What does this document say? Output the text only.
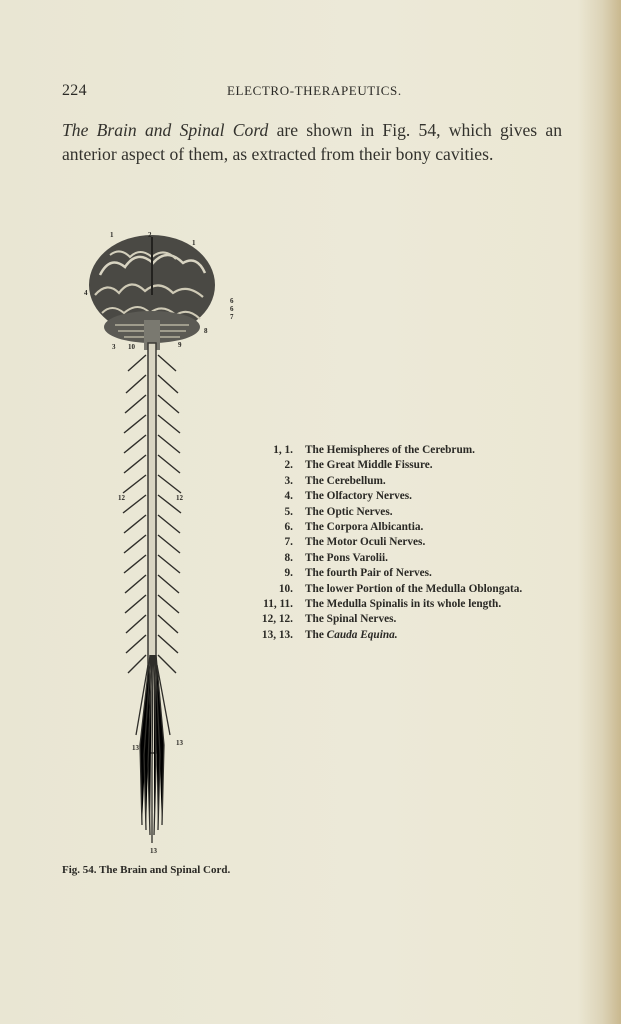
224	ELECTRO-THERAPEUTICS.

The Brain and Spinal Cord are shown in Fig. 54, which gives an anterior aspect of them, as extracted from their bony cavities.

1	2
1
4
6
6
7
3 10	9
8
12	12
13
13
13
1, 1.	The Hemispheres of the Cerebrum.
2.	The Great Middle Fissure.
3.	The Cerebellum.
4.	The Olfactory Nerves.
5.	The Optic Nerves.
6.	The Corpora Albicantia.
7.	The Motor Oculi Nerves.
8.	The Pons Varolii.
9.	The fourth Pair of Nerves.
10.	The lower Portion of the Medulla Oblongata.
11, 11.	The Medulla Spinalis in its whole length.
12, 12.	The Spinal Nerves.
13, 13.	The Cauda Equina.
Fig. 54. The Brain and Spinal Cord.
